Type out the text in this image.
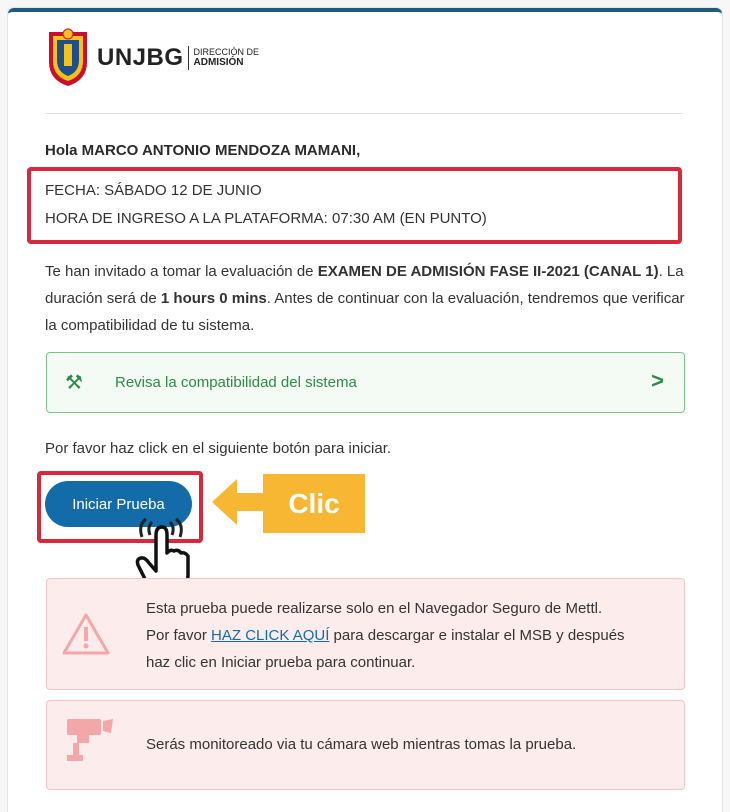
UNJBG DIRECCIÓN DE
ADMISIÓN
Hola MARCO ANTONIO MENDOZA MAMANI,
FECHA: SÁBADO 12 DE JUNIO
HORA DE INGRESO A LA PLATAFORMA: 07:30 AM (EN PUNTO)
Te han invitado a tomar la evaluación de EXAMEN DE ADMISIÓN FASE II-2021 (CANAL 1). La duración será de 1 hours 0 mins. Antes de continuar con la evaluación, tendremos que verificar la compatibilidad de tu sistema.
⚒ Revisa la compatibilidad del sistema	>
Por favor haz click en el siguiente botón para iniciar.
Iniciar Prueba	Clic
Esta prueba puede realizarse solo en el Navegador Seguro de Mettl.
Por favor HAZ CLICK AQUÍ para descargar e instalar el MSB y después
haz clic en Iniciar prueba para continuar.
Serás monitoreado via tu cámara web mientras tomas la prueba.
